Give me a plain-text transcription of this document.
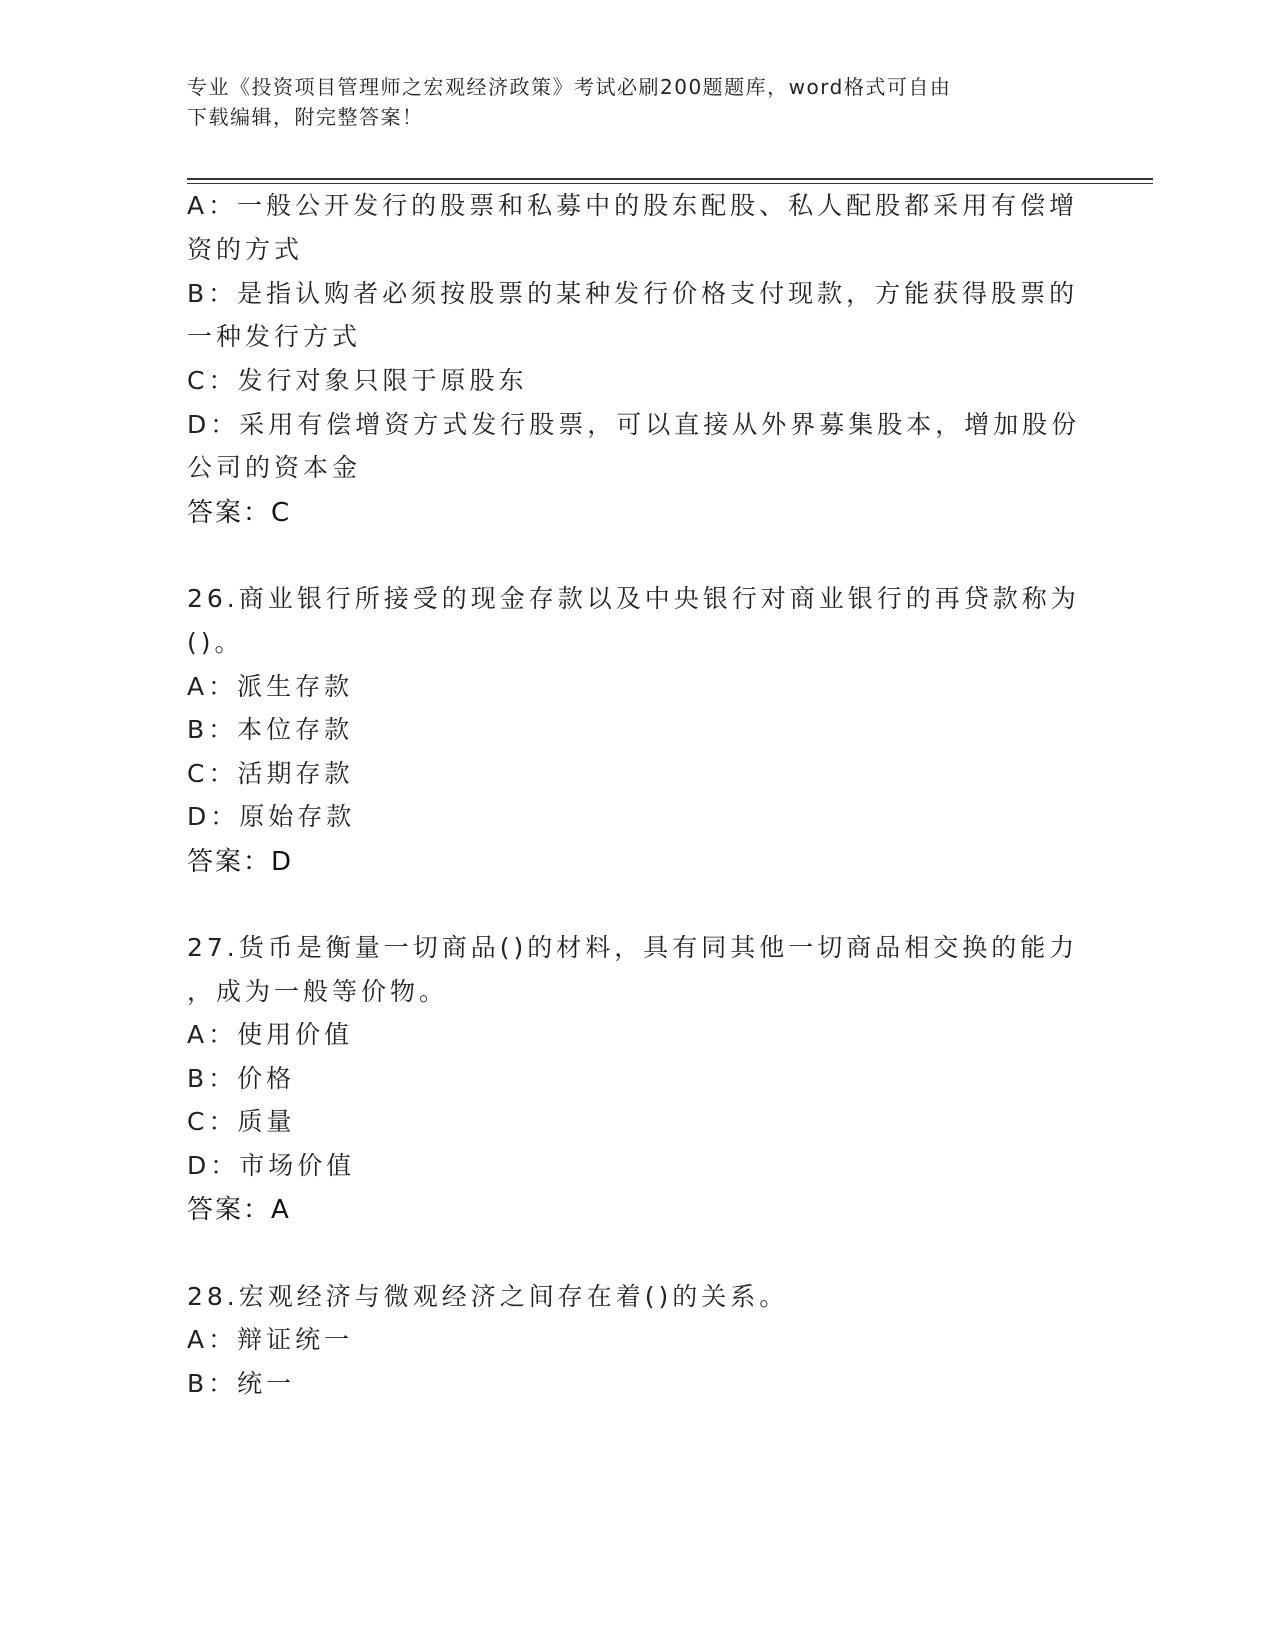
专业《投资项目管理师之宏观经济政策》考试必刷200题题库，word格式可自由
下载编辑，附完整答案！
A：一般公开发行的股票和私募中的股东配股、私人配股都采用有偿增
资的方式
B：是指认购者必须按股票的某种发行价格支付现款，方能获得股票的
一种发行方式
C：发行对象只限于原股东
D：采用有偿增资方式发行股票，可以直接从外界募集股本，增加股份
公司的资本金
答案：C
26.商业银行所接受的现金存款以及中央银行对商业银行的再贷款称为
()。
A：派生存款
B：本位存款
C：活期存款
D：原始存款
答案：D
27.货币是衡量一切商品()的材料，具有同其他一切商品相交换的能力
，成为一般等价物。
A：使用价值
B：价格
C：质量
D：市场价值
答案：A
28.宏观经济与微观经济之间存在着()的关系。
A：辩证统一
B：统一
